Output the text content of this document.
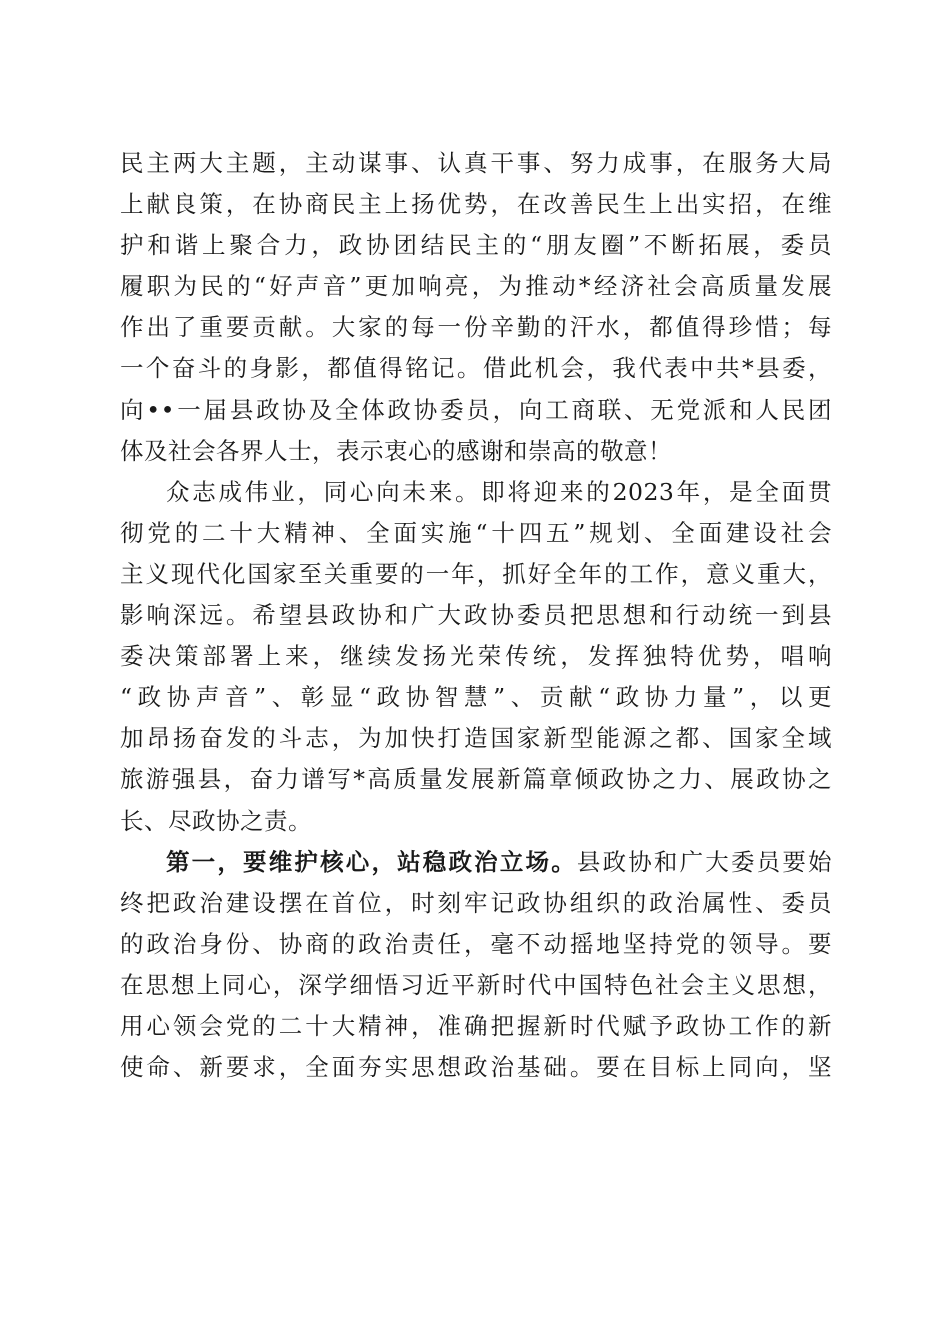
民主两大主题，主动谋事、认真干事、努力成事，在服务大局
上献良策，在协商民主上扬优势，在改善民生上出实招，在维
护和谐上聚合力，政协团结民主的“朋友圈”不断拓展，委员
履职为民的“好声音”更加响亮，为推动*经济社会高质量发展
作出了重要贡献。大家的每一份辛勤的汗水，都值得珍惜；每
一个奋斗的身影，都值得铭记。借此机会，我代表中共*县委，
向••一届县政协及全体政协委员，向工商联、无党派和人民团
体及社会各界人士，表示衷心的感谢和崇高的敬意！
众志成伟业，同心向未来。即将迎来的2023年，是全面贯
彻党的二十大精神、全面实施“十四五”规划、全面建设社会
主义现代化国家至关重要的一年，抓好全年的工作，意义重大，
影响深远。希望县政协和广大政协委员把思想和行动统一到县
委决策部署上来，继续发扬光荣传统，发挥独特优势，唱响
“政协声音”、彰显“政协智慧”、贡献“政协力量”，以更
加昂扬奋发的斗志，为加快打造国家新型能源之都、国家全域
旅游强县，奋力谱写*高质量发展新篇章倾政协之力、展政协之
长、尽政协之责。
第一，要维护核心，站稳政治立场。县政协和广大委员要始
终把政治建设摆在首位，时刻牢记政协组织的政治属性、委员
的政治身份、协商的政治责任，毫不动摇地坚持党的领导。要
在思想上同心，深学细悟习近平新时代中国特色社会主义思想，
用心领会党的二十大精神，准确把握新时代赋予政协工作的新
使命、新要求，全面夯实思想政治基础。要在目标上同向，坚
